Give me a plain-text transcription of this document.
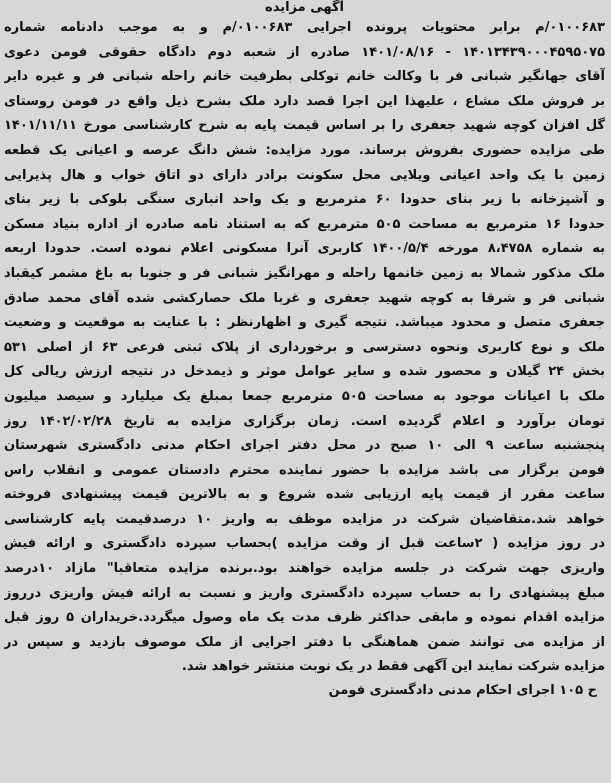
آگهی مزایده
۰۱۰۰۶۸۳/م برابر محتویات پرونده اجرایی ۰۱۰۰۶۸۳/م و به موجب دادنامه شماره
۱۴۰۱۳۴۳۹۰۰۰۴۵۹۵۰۷۵ - ۱۴۰۱/۰۸/۱۶ صادره از شعبه دوم دادگاه حقوقی فومن دعوی
آقای جهانگیر شبانی فر با وکالت خانم توکلی بطرفیت خانم راحله شبانی فر و غیره دایر
بر فروش ملک مشاع ، علیهذا این اجرا قصد دارد ملک بشرح ذیل واقع در فومن روستای
گل افزان کوچه شهید جعفری را بر اساس قیمت پایه به شرح کارشناسی مورخ ۱۴۰۱/۱۱/۱۱
طی مزایده حضوری بفروش برساند. مورد مزایده: شش دانگ عرصه و اعیانی یک قطعه
زمین با یک واحد اعیانی ویلایی محل سکونت برادر دارای دو اتاق خواب و هال پذیرایی
و آشپزخانه با زیر بنای حدودا ۶۰ مترمربع و یک واحد انباری سنگی بلوکی با زیر بنای
حدودا ۱۶ مترمربع به مساحت ۵۰۵ مترمربع که به استناد نامه صادره از اداره بنیاد مسکن
به شماره ۸،۴۷۵۸ مورخه ۱۴۰۰/۵/۴ کاربری آنرا مسکونی اعلام نموده است. حدودا اربعه
ملک مذکور شمالا به زمین خانمها راحله و مهرانگیز شبانی فر و جنوبا به باغ مشمر کیقباد
شبانی فر و شرقا به کوچه شهید جعفری و غربا ملک حصارکشی شده آقای محمد صادق
جعفری متصل و محدود میباشد. نتیجه گیری و اظهارنظر : با عنایت به موقعیت و وضعیت
ملک و نوع کاربری ونحوه دسترسی و برخورداری از پلاک ثبتی فرعی ۶۳ از اصلی ۵۳۱
بخش ۲۴ گیلان و محصور شده و سایر عوامل موثر و ذیمدخل در نتیجه ارزش ریالی کل
ملک با اعیانات موجود به مساحت ۵۰۵ مترمربع جمعا بمبلغ یک میلیارد و سیصد میلیون
تومان برآورد و اعلام گردیده است. زمان برگزاری مزایده به تاریخ ۱۴۰۲/۰۲/۲۸ روز
پنجشنبه ساعت ۹ الی ۱۰ صبح در محل دفتر اجرای احکام مدنی دادگستری شهرستان
فومن برگزار می باشد مزایده با حضور نماینده محترم دادستان عمومی و انقلاب راس
ساعت مقرر از قیمت پایه ارزیابی شده شروع و به بالاترین قیمت پیشنهادی فروخته
خواهد شد.متقاضیان شرکت در مزایده موظف به واریز ۱۰ درصدقیمت پایه کارشناسی
در روز مزایده ( ۲ساعت قبل از وقت مزایده )بحساب سپرده دادگستری و ارائه فیش
واریزی جهت شرکت در جلسه مزایده خواهند بود.برنده مزایده متعاقبا" مازاد ۱۰درصد
مبلغ پیشنهادی را به حساب سپرده دادگستری واریز و نسبت به ارائه فیش واریزی درروز
مزایده اقدام نموده و مابقی حداکثر ظرف مدت یک ماه وصول میگردد.خریداران ۵ روز قبل
از مزایده می توانند ضمن هماهنگی با دفتر اجرایی از ملک موصوف بازدید و سپس در
مزایده شرکت نمایند این آگهی فقط در یک نوبت منتشر خواهد شد.
ح ۱۰۵ اجرای احکام مدنی دادگستری فومن
